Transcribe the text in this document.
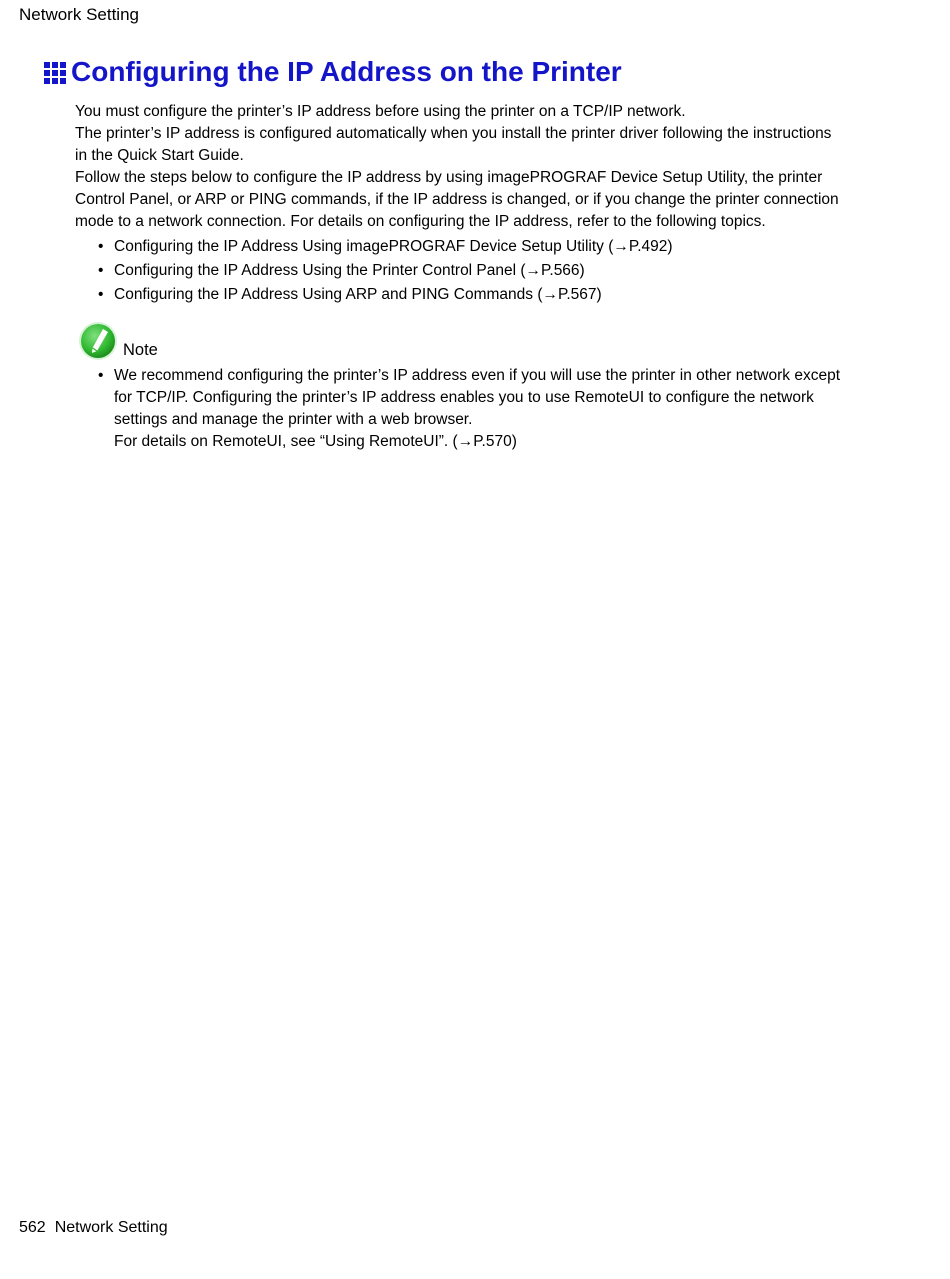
Network Setting

Configuring the IP Address on the Printer

You must configure the printer’s IP address before using the printer on a TCP/IP network.

The printer’s IP address is configured automatically when you install the printer driver following the instructions in the Quick Start Guide.

Follow the steps below to configure the IP address by using imagePROGRAF Device Setup Utility, the printer Control Panel, or ARP or PING commands, if the IP address is changed, or if you change the printer connection mode to a network connection. For details on configuring the IP address, refer to the following topics.

• Configuring the IP Address Using imagePROGRAF Device Setup Utility (→P.492)
• Configuring the IP Address Using the Printer Control Panel (→P.566)
• Configuring the IP Address Using ARP and PING Commands (→P.567)
Note
• We recommend configuring the printer’s IP address even if you will use the printer in other network except for TCP/IP. Configuring the printer’s IP address enables you to use RemoteUI to configure the network settings and manage the printer with a web browser.
For details on RemoteUI, see “Using RemoteUI”. (→P.570)

562 Network Setting
